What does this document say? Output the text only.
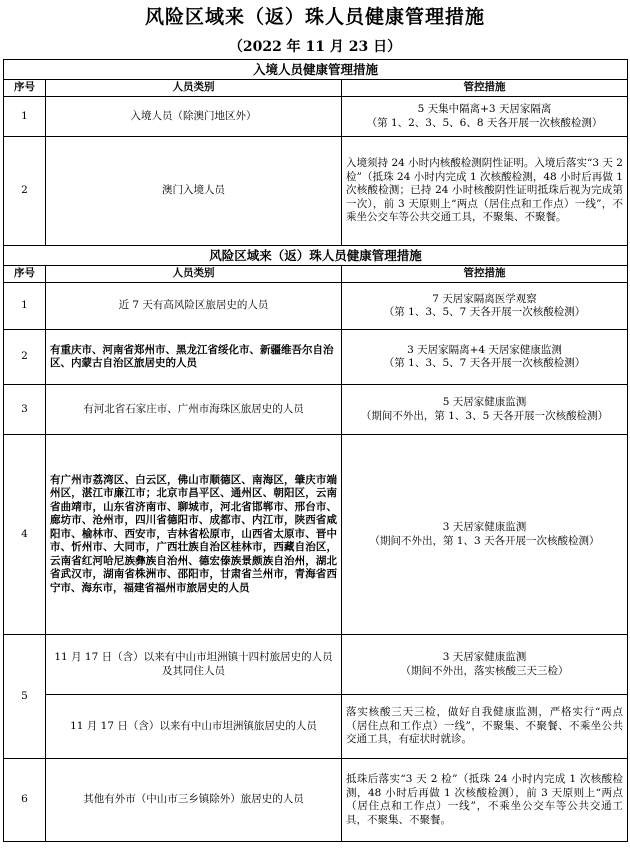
风险区域来（返）珠人员健康管理措施
（2022 年 11 月 23 日）
入境人员健康管理措施		
序号	人员类别	管控措施
1	入境人员（除澳门地区外）	5 天集中隔离+3 天居家隔离
（第 1、2、3、5、6、8 天各开展一次核酸检测）
2	澳门入境人员	入境须持 24 小时内核酸检测阴性证明。入境后落实“3 天 2 检”（抵珠 24 小时内完成 1 次核酸检测，48 小时后再做 1 次核酸检测；已持 24 小时核酸阴性证明抵珠后视为完成第一次），前 3 天原则上“两点（居住点和工作点）一线”，不乘坐公交车等公共交通工具，不聚集、不聚餐。
风险区域来（返）珠人员健康管理措施		
序号	人员类别	管控措施
1	近 7 天有高风险区旅居史的人员	7 天居家隔离医学观察
（第 1、3、5、7 天各开展一次核酸检测）
2	有重庆市、河南省郑州市、黑龙江省绥化市、新疆维吾尔自治区、内蒙古自治区旅居史的人员	3 天居家隔离+4 天居家健康监测
（第 1、3、5、7 天各开展一次核酸检测）
3	有河北省石家庄市、广州市海珠区旅居史的人员	5 天居家健康监测
（期间不外出，第 1、3、5 天各开展一次核酸检测）
4	有广州市荔湾区、白云区，佛山市顺德区、南海区，肇庆市端州区，湛江市廉江市；北京市昌平区、通州区、朝阳区，云南省曲靖市，山东省济南市、聊城市，河北省邯郸市、邢台市、廊坊市、沧州市，四川省德阳市、成都市、内江市，陕西省咸阳市、榆林市、西安市，吉林省松原市，山西省太原市、晋中市、忻州市、大同市，广西壮族自治区桂林市，西藏自治区，云南省红河哈尼族彝族自治州、德宏傣族景颇族自治州，湖北省武汉市，湖南省株洲市、邵阳市，甘肃省兰州市，青海省西宁市、海东市，福建省福州市旅居史的人员	3 天居家健康监测
（期间不外出，第 1、3 天各开展一次核酸检测）
5	11 月 17 日（含）以来有中山市坦洲镇十四村旅居史的人员及其同住人员	3 天居家健康监测
（期间不外出，落实核酸三天三检）
	11 月 17 日（含）以来有中山市坦洲镇旅居史的人员	落实核酸三天三检，做好自我健康监测，严格实行“两点（居住点和工作点）一线”，不聚集、不聚餐、不乘坐公共交通工具，有症状时就诊。
6	其他有外市（中山市三乡镇除外）旅居史的人员	抵珠后落实“3 天 2 检”（抵珠 24 小时内完成 1 次核酸检测，48 小时后再做 1 次核酸检测），前 3 天原则上“两点（居住点和工作点）一线”，不乘坐公交车等公共交通工具，不聚集、不聚餐。
